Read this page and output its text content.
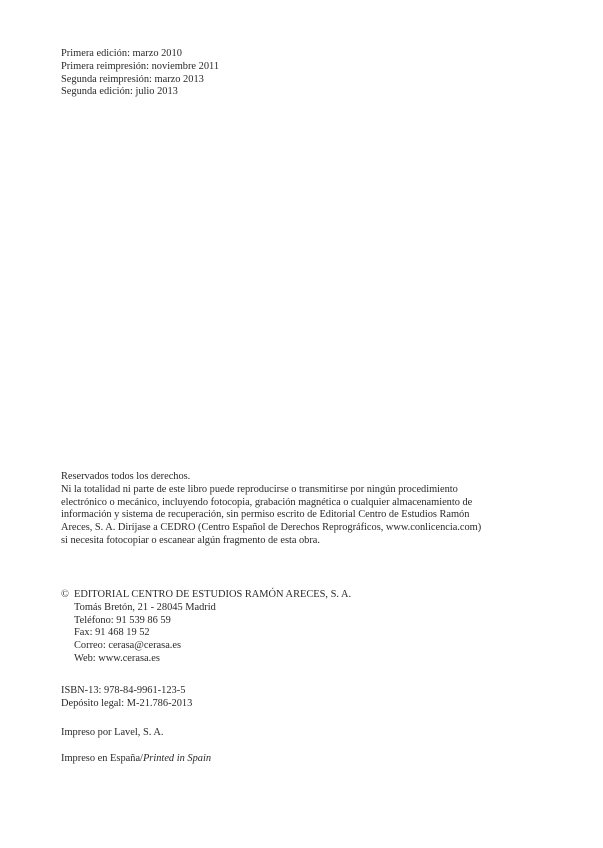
Primera edición: marzo 2010
Primera reimpresión: noviembre 2011
Segunda reimpresión: marzo 2013
Segunda edición: julio 2013
Reservados todos los derechos.
Ni la totalidad ni parte de este libro puede reproducirse o transmitirse por ningún procedimiento
electrónico o mecánico, incluyendo fotocopia, grabación magnética o cualquier almacenamiento de
información y sistema de recuperación, sin permiso escrito de Editorial Centro de Estudios Ramón
Areces, S. A. Diríjase a CEDRO (Centro Español de Derechos Reprográficos, www.conlicencia.com)
si necesita fotocopiar o escanear algún fragmento de esta obra.
© EDITORIAL CENTRO DE ESTUDIOS RAMÓN ARECES, S. A.
Tomás Bretón, 21 - 28045 Madrid
Teléfono: 91 539 86 59
Fax: 91 468 19 52
Correo: cerasa@cerasa.es
Web: www.cerasa.es
ISBN-13: 978-84-9961-123-5
Depósito legal: M-21.786-2013
Impreso por Lavel, S. A.
Impreso en España/Printed in Spain
